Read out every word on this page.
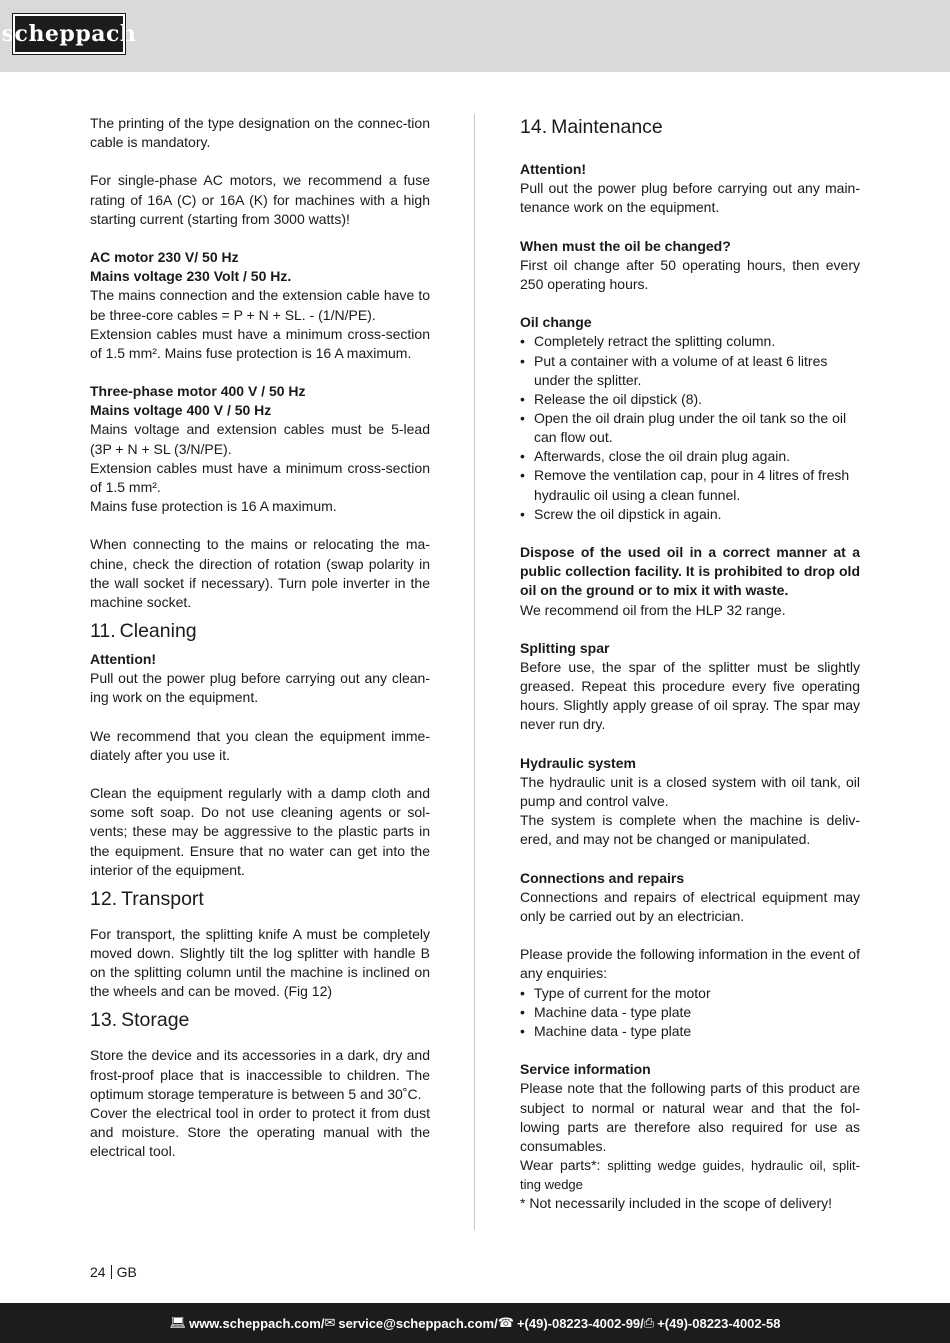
scheppach

The printing of the type designation on the connec-tion cable is mandatory.

For single-phase AC motors, we recommend a fuse rating of 16A (C) or 16A (K) for machines with a high starting current (starting from 3000 watts)!

AC motor 230 V/ 50 Hz

Mains voltage 230 Volt / 50 Hz.

The mains connection and the extension cable have to be three-core cables = P + N + SL. - (1/N/PE).

Extension cables must have a minimum cross-section of 1.5 mm². Mains fuse protection is 16 A maximum.

Three-phase motor 400 V / 50 Hz

Mains voltage 400 V / 50 Hz

Mains voltage and extension cables must be 5-lead (3P + N + SL (3/N/PE).

Extension cables must have a minimum cross-section of 1.5 mm².

Mains fuse protection is 16 A maximum.

When connecting to the mains or relocating the ma-chine, check the direction of rotation (swap polarity in the wall socket if necessary). Turn pole inverter in the machine socket.

11. Cleaning

Attention!

Pull out the power plug before carrying out any clean-ing work on the equipment.

We recommend that you clean the equipment imme-diately after you use it.

Clean the equipment regularly with a damp cloth and some soft soap. Do not use cleaning agents or sol-vents; these may be aggressive to the plastic parts in the equipment. Ensure that no water can get into the interior of the equipment.

12. Transport

For transport, the splitting knife A must be completely moved down. Slightly tilt the log splitter with handle B on the splitting column until the machine is inclined on the wheels and can be moved. (Fig 12)

13. Storage

Store the device and its accessories in a dark, dry and frost-proof place that is inaccessible to children. The optimum storage temperature is between 5 and 30˚C.

Cover the electrical tool in order to protect it from dust and moisture. Store the operating manual with the electrical tool.

14. Maintenance

Attention!

Pull out the power plug before carrying out any main-tenance work on the equipment.

When must the oil be changed?

First oil change after 50 operating hours, then every 250 operating hours.

Oil change

• Completely retract the splitting column.
• Put a container with a volume of at least 6 litres under the splitter.
• Release the oil dipstick (8).
• Open the oil drain plug under the oil tank so the oil can flow out.
• Afterwards, close the oil drain plug again.
• Remove the ventilation cap, pour in 4 litres of fresh hydraulic oil using a clean funnel.
• Screw the oil dipstick in again.

Dispose of the used oil in a correct manner at a public collection facility. It is prohibited to drop old oil on the ground or to mix it with waste.

We recommend oil from the HLP 32 range.

Splitting spar

Before use, the spar of the splitter must be slightly greased. Repeat this procedure every five operating hours. Slightly apply grease of oil spray. The spar may never run dry.

Hydraulic system

The hydraulic unit is a closed system with oil tank, oil pump and control valve.

The system is complete when the machine is deliv-ered, and may not be changed or manipulated.

Connections and repairs

Connections and repairs of electrical equipment may only be carried out by an electrician.

Please provide the following information in the event of any enquiries:

• Type of current for the motor
• Machine data - type plate
• Machine data - type plate

Service information

Please note that the following parts of this product are subject to normal or natural wear and that the fol-lowing parts are therefore also required for use as consumables.

Wear parts*: splitting wedge guides, hydraulic oil, split-ting wedge

* Not necessarily included in the scope of delivery!

24 GB
💻︎ www.scheppach.com / ✉︎ service@scheppach.com / ☎︎ +(49)-08223-4002-99 / ⎙ +(49)-08223-4002-58
